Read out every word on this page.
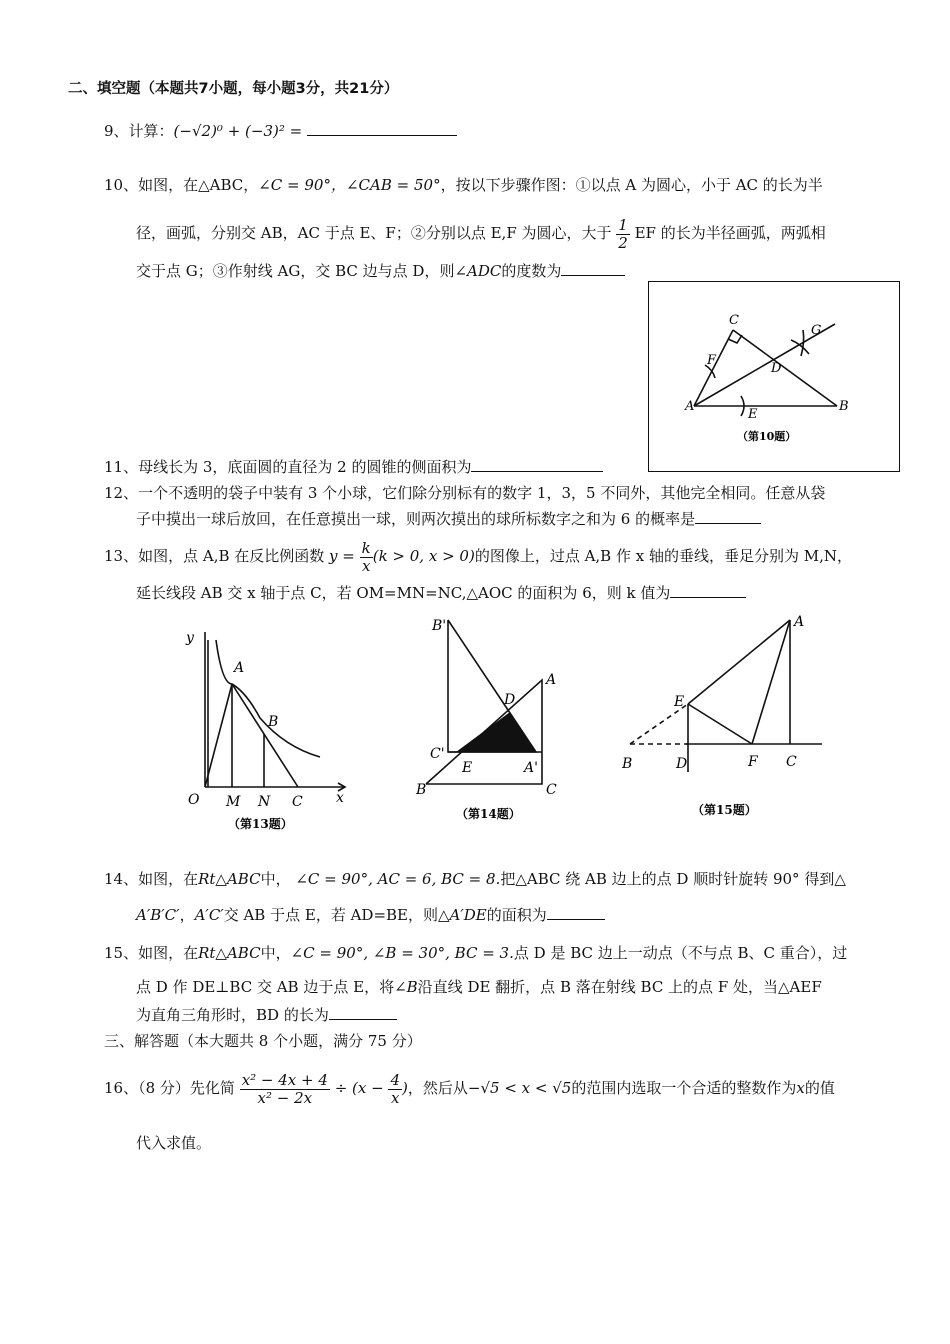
二、填空题（本题共7小题，每小题3分，共21分）
9、计算：(−√2)⁰ + (−3)² =
10、如图，在△ABC，∠C = 90°，∠CAB = 50°，按以下步骤作图：①以点 A 为圆心，小于 AC 的长为半
径，画弧，分别交 AB，AC 于点 E、F；②分别以点 E,F 为圆心，大于 $\frac{1}{2}$ EF 的长为半径画弧，两弧相
交于点 G；③作射线 AG，交 BC 边与点 D，则∠ADC的度数为
A	B
C
D
E
F
G
（第10题）
11、母线长为 3，底面圆的直径为 2 的圆锥的侧面积为
12、一个不透明的袋子中装有 3 个小球，它们除分别标有的数字 1，3，5 不同外，其他完全相同。任意从袋
子中摸出一球后放回，在任意摸出一球，则两次摸出的球所标数字之和为 6 的概率是
13、如图，点 A,B 在反比例函数 $y = \frac{k}{x} (k > 0$, x > 0)的图像上，过点 A,B 作 x 轴的垂线，垂足分别为 M,N，
延长线段 AB 交 x 轴于点 C，若 OM=MN=NC,△AOC 的面积为 6，则 k 值为
y
x
O
A
B
M N C
（第13题）
B'
C'
A'
A
B	C
D
E
（第14题）
A
B	C
D
E
F
（第15题）
14、如图，在Rt△ABC中， ∠C = 90°, AC = 6, BC = 8.把△ABC 绕 AB 边上的点 D 顺时针旋转 90° 得到△
A′B′C′，A′C′交 AB 于点 E，若 AD=BE，则△A′DE的面积为
15、如图，在Rt△ABC中，∠C = 90°, ∠B = 30°, BC = 3.点 D 是 BC 边上一动点（不与点 B、C 重合），过
点 D 作 DE⊥BC 交 AB 边于点 E，将∠B沿直线 DE 翻折，点 B 落在射线 BC 上的点 F 处，当△AEF
为直角三角形时，BD 的长为
三、解答题（本大题共 8 个小题，满分 75 分）
16、（8 分）先化简 $\frac{\text{x² − 4x + 4}}{\text{x² − 2x}} \div (x - \frac{4}{x}$ )，然后从−√5 < x < √5的范围内选取一个合适的整数作为x的值
代入求值。
